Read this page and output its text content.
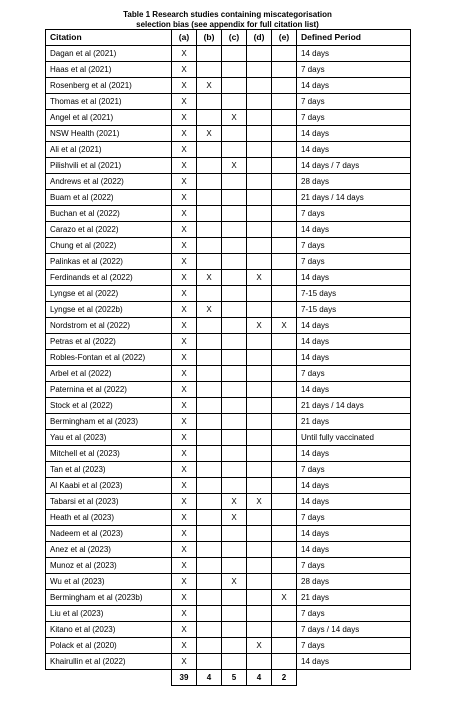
Table 1 Research studies containing miscategorisation
selection bias (see appendix for full citation list)
Citation	(a)	(b)	(c)	(d)	(e)	Defined Period
Dagan et al (2021)	X					14 days
Haas et al (2021)	X					7 days
Rosenberg et al (2021)	X	X				14 days
Thomas et al (2021)	X					7 days
Angel et al (2021)	X		X			7 days
NSW Health (2021)	X	X				14 days
Ali et al (2021)	X					14 days
Pilishvili et al (2021)	X		X			14 days / 7 days
Andrews et al (2022)	X					28 days
Buam et al (2022)	X					21 days / 14 days
Buchan et al (2022)	X					7 days
Carazo et al (2022)	X					14 days
Chung et al (2022)	X					7 days
Palinkas et al (2022)	X					7 days
Ferdinands et al (2022)	X	X		X		14 days
Lyngse et al (2022)	X					7-15 days
Lyngse et al (2022b)	X	X				7-15 days
Nordstrom et al (2022)	X			X	X	14 days
Petras et al (2022)	X					14 days
Robles-Fontan et al (2022)	X					14 days
Arbel et al (2022)	X					7 days
Paternina et al (2022)	X					14 days
Stock et al (2022)	X					21 days / 14 days
Bermingham et al (2023)	X					21 days
Yau et al (2023)	X					Until fully vaccinated
Mitchell et al (2023)	X					14 days
Tan et al (2023)	X					7 days
Al Kaabi et al (2023)	X					14 days
Tabarsi et al (2023)	X		X	X		14 days
Heath et al (2023)	X		X			7 days
Nadeem et al (2023)	X					14 days
Anez et al (2023)	X					14 days
Munoz et al (2023)	X					7 days
Wu et al (2023)	X		X			28 days
Bermingham et al (2023b)	X				X	21 days
Liu et al (2023)	X					7 days
Kitano et al (2023)	X					7 days / 14 days
Polack et al (2020)	X			X		7 days
Khairullin et al (2022)	X					14 days
	39	4	5	4	2	
